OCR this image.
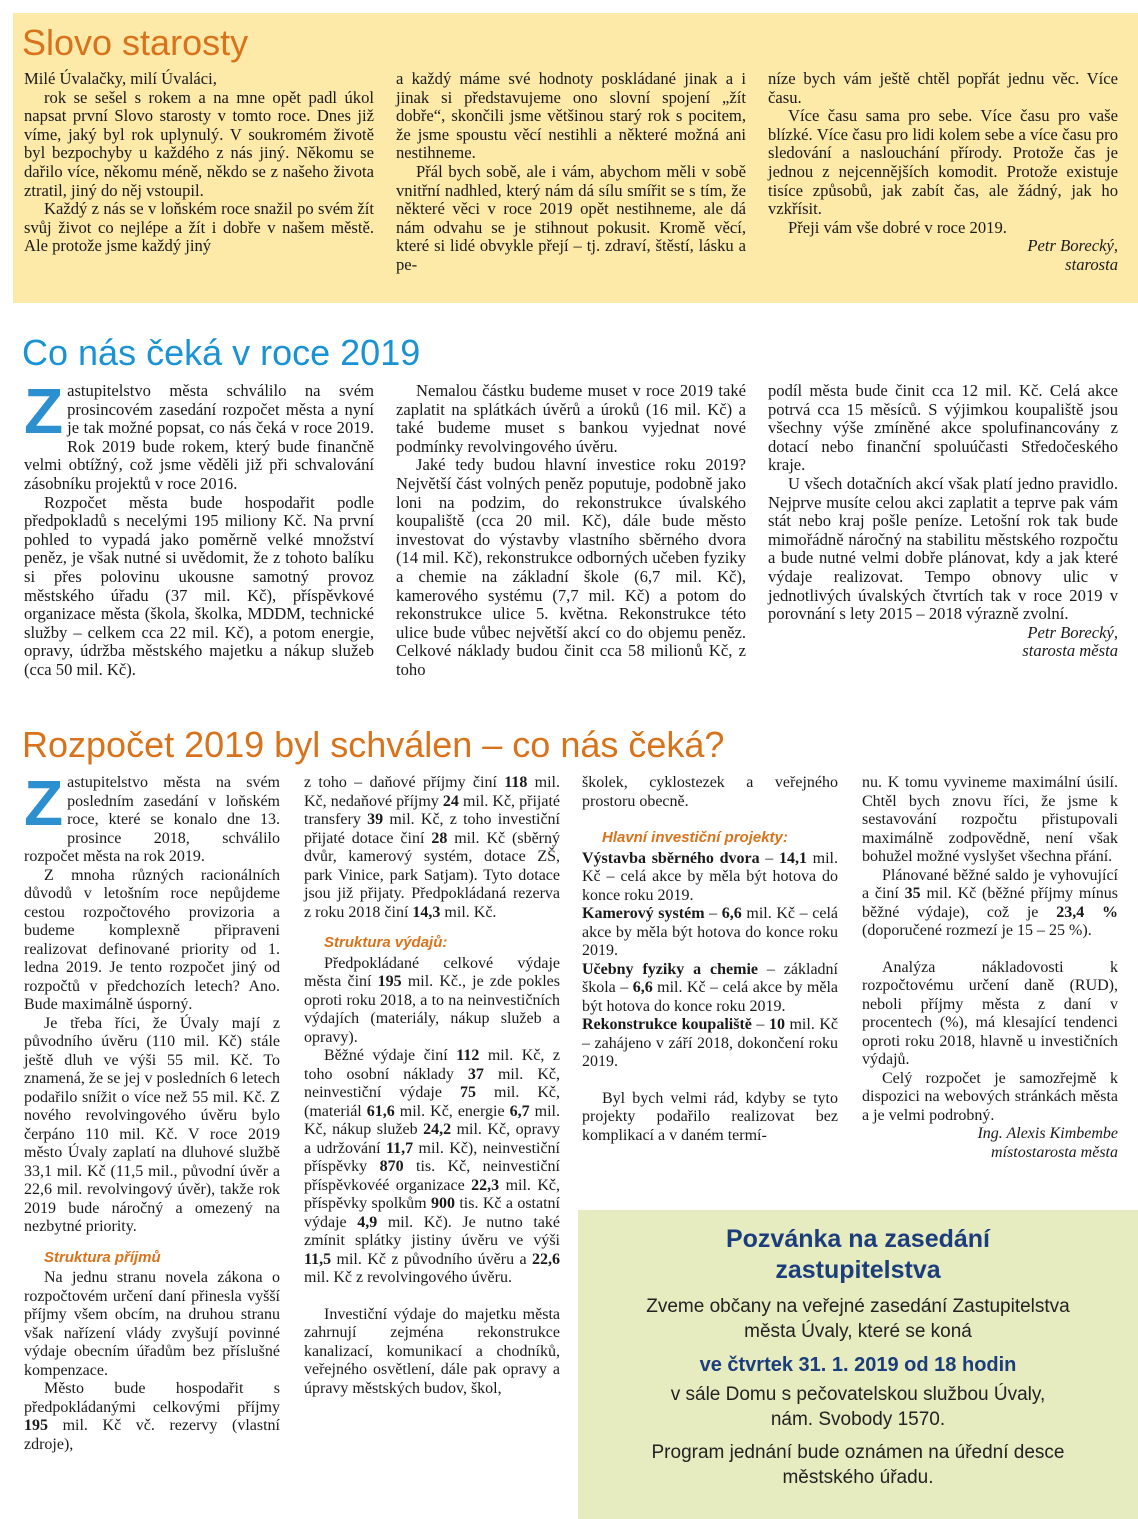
Slovo starosty

Milé Úvalačky, milí Úvaláci,

rok se sešel s rokem a na mne opět padl úkol napsat první Slovo starosty v tomto roce. Dnes již víme, jaký byl rok uplynulý. V soukromém životě byl bezpochyby u každého z nás jiný. Někomu se dařilo více, někomu méně, někdo se z našeho života ztratil, jiný do něj vstoupil.

Každý z nás se v loňském roce snažil po svém žít svůj život co nejlépe a žít i dobře v našem městě. Ale protože jsme každý jiný

a každý máme své hodnoty poskládané jinak a i jinak si představujeme ono slovní spojení „žít dobře“, skončili jsme většinou starý rok s pocitem, že jsme spoustu věcí nestihli a některé možná ani nestihneme.

Přál bych sobě, ale i vám, abychom měli v sobě vnitřní nadhled, který nám dá sílu smířit se s tím, že některé věci v roce 2019 opět nestihneme, ale dá nám odvahu se je stihnout pokusit. Kromě věcí, které si lidé obvykle přejí – tj. zdraví, štěstí, lásku a pe-

níze bych vám ještě chtěl popřát jednu věc. Více času.

Více času sama pro sebe. Více času pro vaše blízké. Více času pro lidi kolem sebe a více času pro sledování a naslouchání přírody. Protože čas je jednou z nejcennějších komodit. Protože existuje tisíce způsobů, jak zabít čas, ale žádný, jak ho vzkřísit.

Přeji vám vše dobré v roce 2019.

Petr Borecký,

starosta

Co nás čeká v roce 2019

Zastupitelstvo města schválilo na svém prosincovém zasedání rozpočet města a nyní je tak možné popsat, co nás čeká v roce 2019. Rok 2019 bude rokem, který bude finančně velmi obtížný, což jsme věděli již při schvalování zásobníku projektů v roce 2016.

Rozpočet města bude hospodařit podle předpokladů s necelými 195 miliony Kč. Na první pohled to vypadá jako poměrně velké množství peněz, je však nutné si uvědomit, že z tohoto balíku si přes polovinu ukousne samotný provoz městského úřadu (37 mil. Kč), příspěvkové organizace města (škola, školka, MDDM, technické služby – celkem cca 22 mil. Kč), a potom energie, opravy, údržba městského majetku a nákup služeb (cca 50 mil. Kč).

Nemalou částku budeme muset v roce 2019 také zaplatit na splátkách úvěrů a úroků (16 mil. Kč) a také budeme muset s bankou vyjednat nové podmínky revolvingového úvěru.

Jaké tedy budou hlavní investice roku 2019? Největší část volných peněz poputuje, podobně jako loni na podzim, do rekonstrukce úvalského koupaliště (cca 20 mil. Kč), dále bude město investovat do výstavby vlastního sběrného dvora (14 mil. Kč), rekonstrukce odborných učeben fyziky a chemie na základní škole (6,7 mil. Kč), kamerového systému (7,7 mil. Kč) a potom do rekonstrukce ulice 5. května. Rekonstrukce této ulice bude vůbec největší akcí co do objemu peněz. Celkové náklady budou činit cca 58 milionů Kč, z toho

podíl města bude činit cca 12 mil. Kč. Celá akce potrvá cca 15 měsíců. S výjimkou koupaliště jsou všechny výše zmíněné akce spolufinancovány z dotací nebo finanční spoluúčasti Středočeského kraje.

U všech dotačních akcí však platí jedno pravidlo. Nejprve musíte celou akci zaplatit a teprve pak vám stát nebo kraj pošle peníze. Letošní rok tak bude mimořádně náročný na stabilitu městského rozpočtu a bude nutné velmi dobře plánovat, kdy a jak které výdaje realizovat. Tempo obnovy ulic v jednotlivých úvalských čtvrtích tak v roce 2019 v porovnání s lety 2015 – 2018 výrazně zvolní.

Petr Borecký,

starosta města

Rozpočet 2019 byl schválen – co nás čeká?

Zastupitelstvo města na svém posledním zasedání v loňském roce, které se konalo dne 13. prosince 2018, schválilo rozpočet města na rok 2019.

Z mnoha různých racionálních důvodů v letošním roce nepůjdeme cestou rozpočtového provizoria a budeme komplexně připraveni realizovat definované priority od 1. ledna 2019. Je tento rozpočet jiný od rozpočtů v předchozích letech? Ano. Bude maximálně úsporný.

Je třeba říci, že Úvaly mají z původního úvěru (110 mil. Kč) stále ještě dluh ve výši 55 mil. Kč. To znamená, že se jej v posledních 6 letech podařilo snížit o více než 55 mil. Kč. Z nového revolvingového úvěru bylo čerpáno 110 mil. Kč. V roce 2019 město Úvaly zaplatí na dluhové službě 33,1 mil. Kč (11,5 mil., původní úvěr a 22,6 mil. revolvingový úvěr), takže rok 2019 bude náročný a omezený na nezbytné priority.

Struktura příjmů

Na jednu stranu novela zákona o rozpočtovém určení daní přinesla vyšší příjmy všem obcím, na druhou stranu však nařízení vlády zvyšují povinné výdaje obecním úřadům bez příslušné kompenzace.

Město bude hospodařit s předpokládanými celkovými příjmy 195 mil. Kč vč. rezervy (vlastní zdroje),

z toho – daňové příjmy činí 118 mil. Kč, nedaňové příjmy 24 mil. Kč, přijaté transfery 39 mil. Kč, z toho investiční přijaté dotace činí 28 mil. Kč (sběrný dvůr, kamerový systém, dotace ZŠ, park Vinice, park Satjam). Tyto dotace jsou již přijaty. Předpokládaná rezerva z roku 2018 činí 14,3 mil. Kč.

Struktura výdajů:

Předpokládané celkové výdaje města činí 195 mil. Kč., je zde pokles oproti roku 2018, a to na neinvestičních výdajích (materiály, nákup služeb a opravy).

Běžné výdaje činí 112 mil. Kč, z toho osobní náklady 37 mil. Kč, neinvestiční výdaje 75 mil. Kč, (materiál 61,6 mil. Kč, energie 6,7 mil. Kč, nákup služeb 24,2 mil. Kč, opravy a udržování 11,7 mil. Kč), neinvestiční příspěvky 870 tis. Kč, neinvestiční příspěvkovéé organizace 22,3 mil. Kč, příspěvky spolkům 900 tis. Kč a ostatní výdaje 4,9 mil. Kč). Je nutno také zmínit splátky jistiny úvěru ve výši 11,5 mil. Kč z původního úvěru a 22,6 mil. Kč z revolvingového úvěru.

Investiční výdaje do majetku města zahrnují zejména rekonstrukce kanalizací, komunikací a chodníků, veřejného osvětlení, dále pak opravy a úpravy městských budov, škol,

školek, cyklostezek a veřejného prostoru obecně.

Hlavní investiční projekty:

Výstavba sběrného dvora – 14,1 mil. Kč – celá akce by měla být hotova do konce roku 2019.

Kamerový systém – 6,6 mil. Kč – celá akce by měla být hotova do konce roku 2019.

Učebny fyziky a chemie – základní škola – 6,6 mil. Kč – celá akce by měla být hotova do konce roku 2019.

Rekonstrukce koupaliště – 10 mil. Kč – zahájeno v září 2018, dokončení roku 2019.

Byl bych velmi rád, kdyby se tyto projekty podařilo realizovat bez komplikací a v daném termí-

nu. K tomu vyvineme maximální úsilí. Chtěl bych znovu říci, že jsme k sestavování rozpočtu přistupovali maximálně zodpovědně, není však bohužel možné vyslyšet všechna přání.

Plánované běžné saldo je vyhovující a činí 35 mil. Kč (běžné příjmy mínus běžné výdaje), což je 23,4 % (doporučené rozmezí je 15 – 25 %).

Analýza nákladovosti k rozpočtovému určení daně (RUD), neboli příjmy města z daní v procentech (%), má klesající tendenci oproti roku 2018, hlavně u investičních výdajů.

Celý rozpočet je samozřejmě k dispozici na webových stránkách města a je velmi podrobný.

Ing. Alexis Kimbembe

místostarosta města

Pozvánka na zasedání
zastupitelstva
Zveme občany na veřejné zasedání Zastupitelstva
města Úvaly, které se koná
ve čtvrtek 31. 1. 2019 od 18 hodin
v sále Domu s pečovatelskou službou Úvaly,
nám. Svobody 1570.
Program jednání bude oznámen na úřední desce
městského úřadu.
